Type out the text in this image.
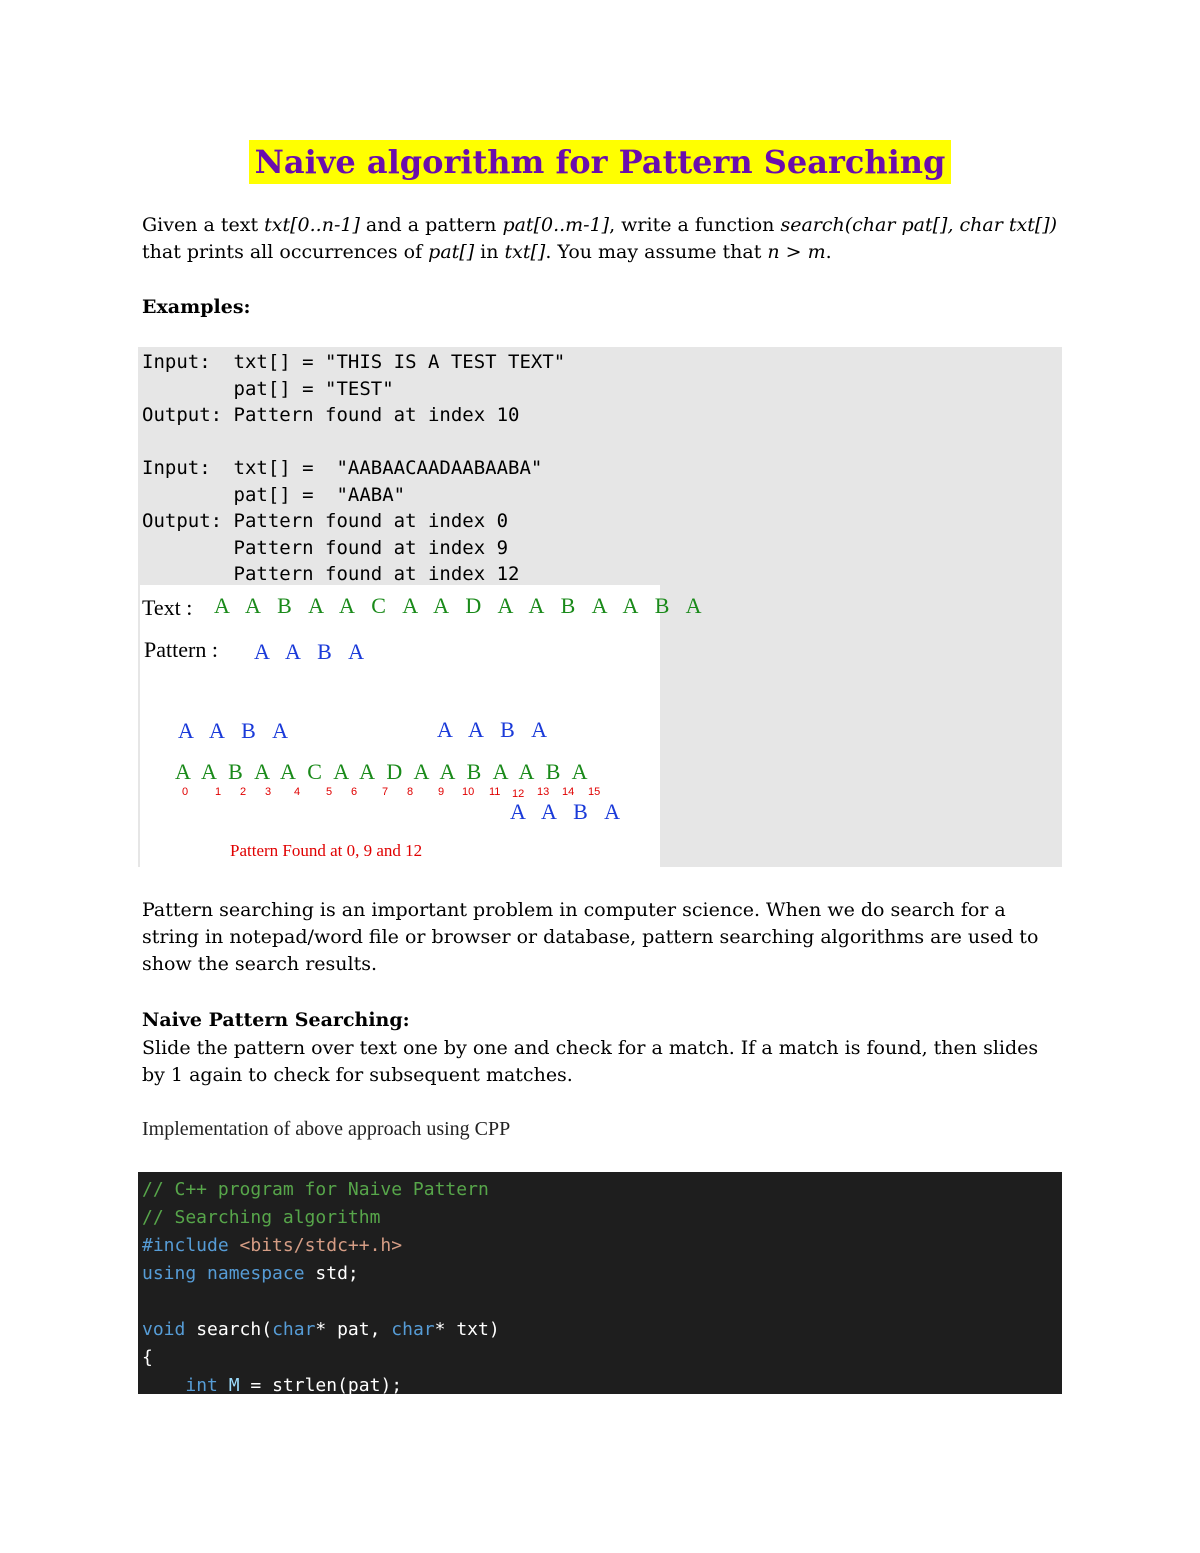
Naive algorithm for Pattern Searching
Given a text txt[0..n-1] and a pattern pat[0..m-1], write a function search(char pat[], char txt[]) that prints all occurrences of pat[] in txt[]. You may assume that n > m.
Examples:
Input:  txt[] = "THIS IS A TEST TEXT"
pat[] = "TEST"
Output: Pattern found at index 10

Input:  txt[] =  "AABAACAADAABAABA"
pat[] =  "AABA"
Output: Pattern found at index 0
Pattern found at index 9
Pattern found at index 12
Text : A A B A A C A A D A A B A A B A
Pattern : A A B A
A A B A	A A B A
A A B A A C A A D A A B A A B A
0 1 2 3 4 5 6 7 8 9 10 11 12 13 14 15
A A B A
Pattern Found at 0, 9 and 12
Pattern searching is an important problem in computer science. When we do search for a string in notepad/word file or browser or database, pattern searching algorithms are used to show the search results.
Naive Pattern Searching:
Slide the pattern over text one by one and check for a match. If a match is found, then slides by 1 again to check for subsequent matches.
Implementation of above approach using CPP
// C++ program for Naive Pattern
// Searching algorithm
#include <bits/stdc++.h>
using namespace std;

void search(char* pat, char* txt)
{
int M = strlen(pat);
